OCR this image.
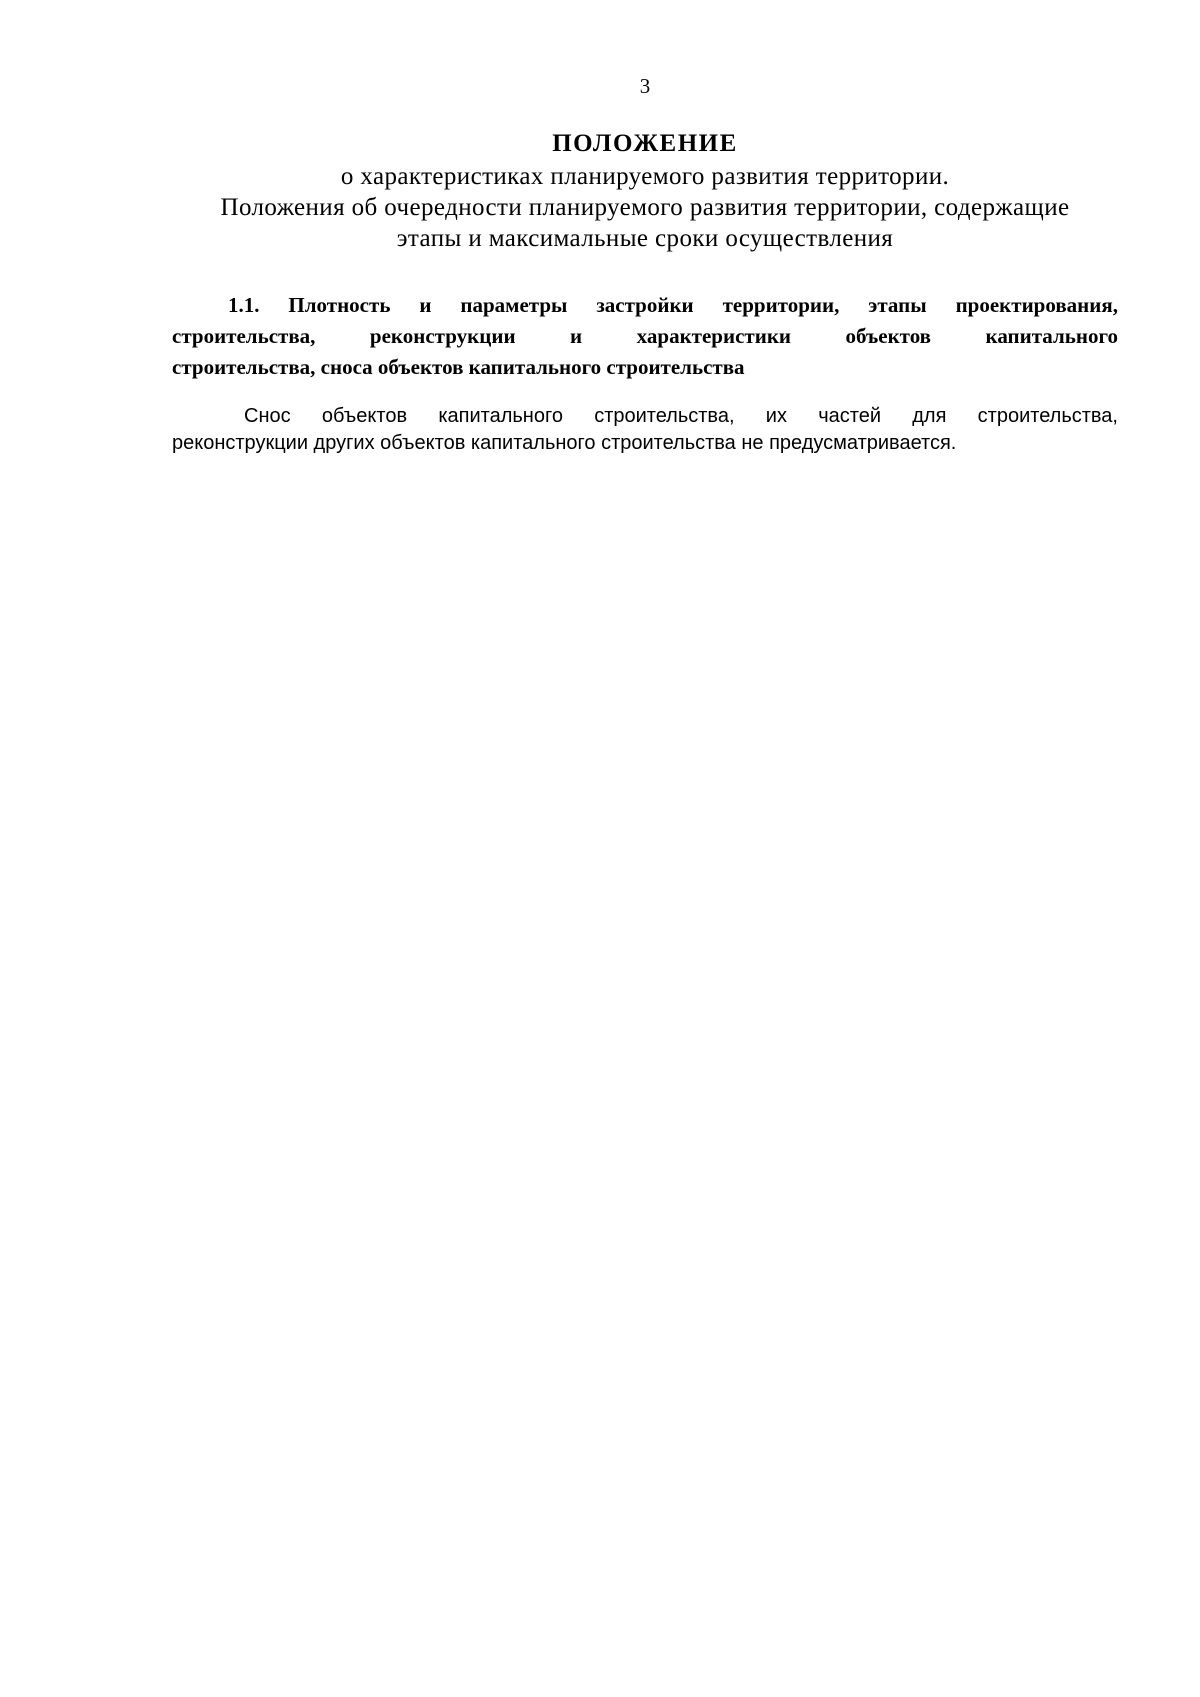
3
ПОЛОЖЕНИЕ
о характеристиках планируемого развития территории.
Положения об очередности планируемого развития территории, содержащие
этапы и максимальные сроки осуществления
1.1. Плотность и параметры застройки территории, этапы проектирования,
строительства, реконструкции и характеристики объектов капитального
строительства, сноса объектов капитального строительства
Снос объектов капитального строительства, их частей для строительства,
реконструкции других объектов капитального строительства не предусматривается.
